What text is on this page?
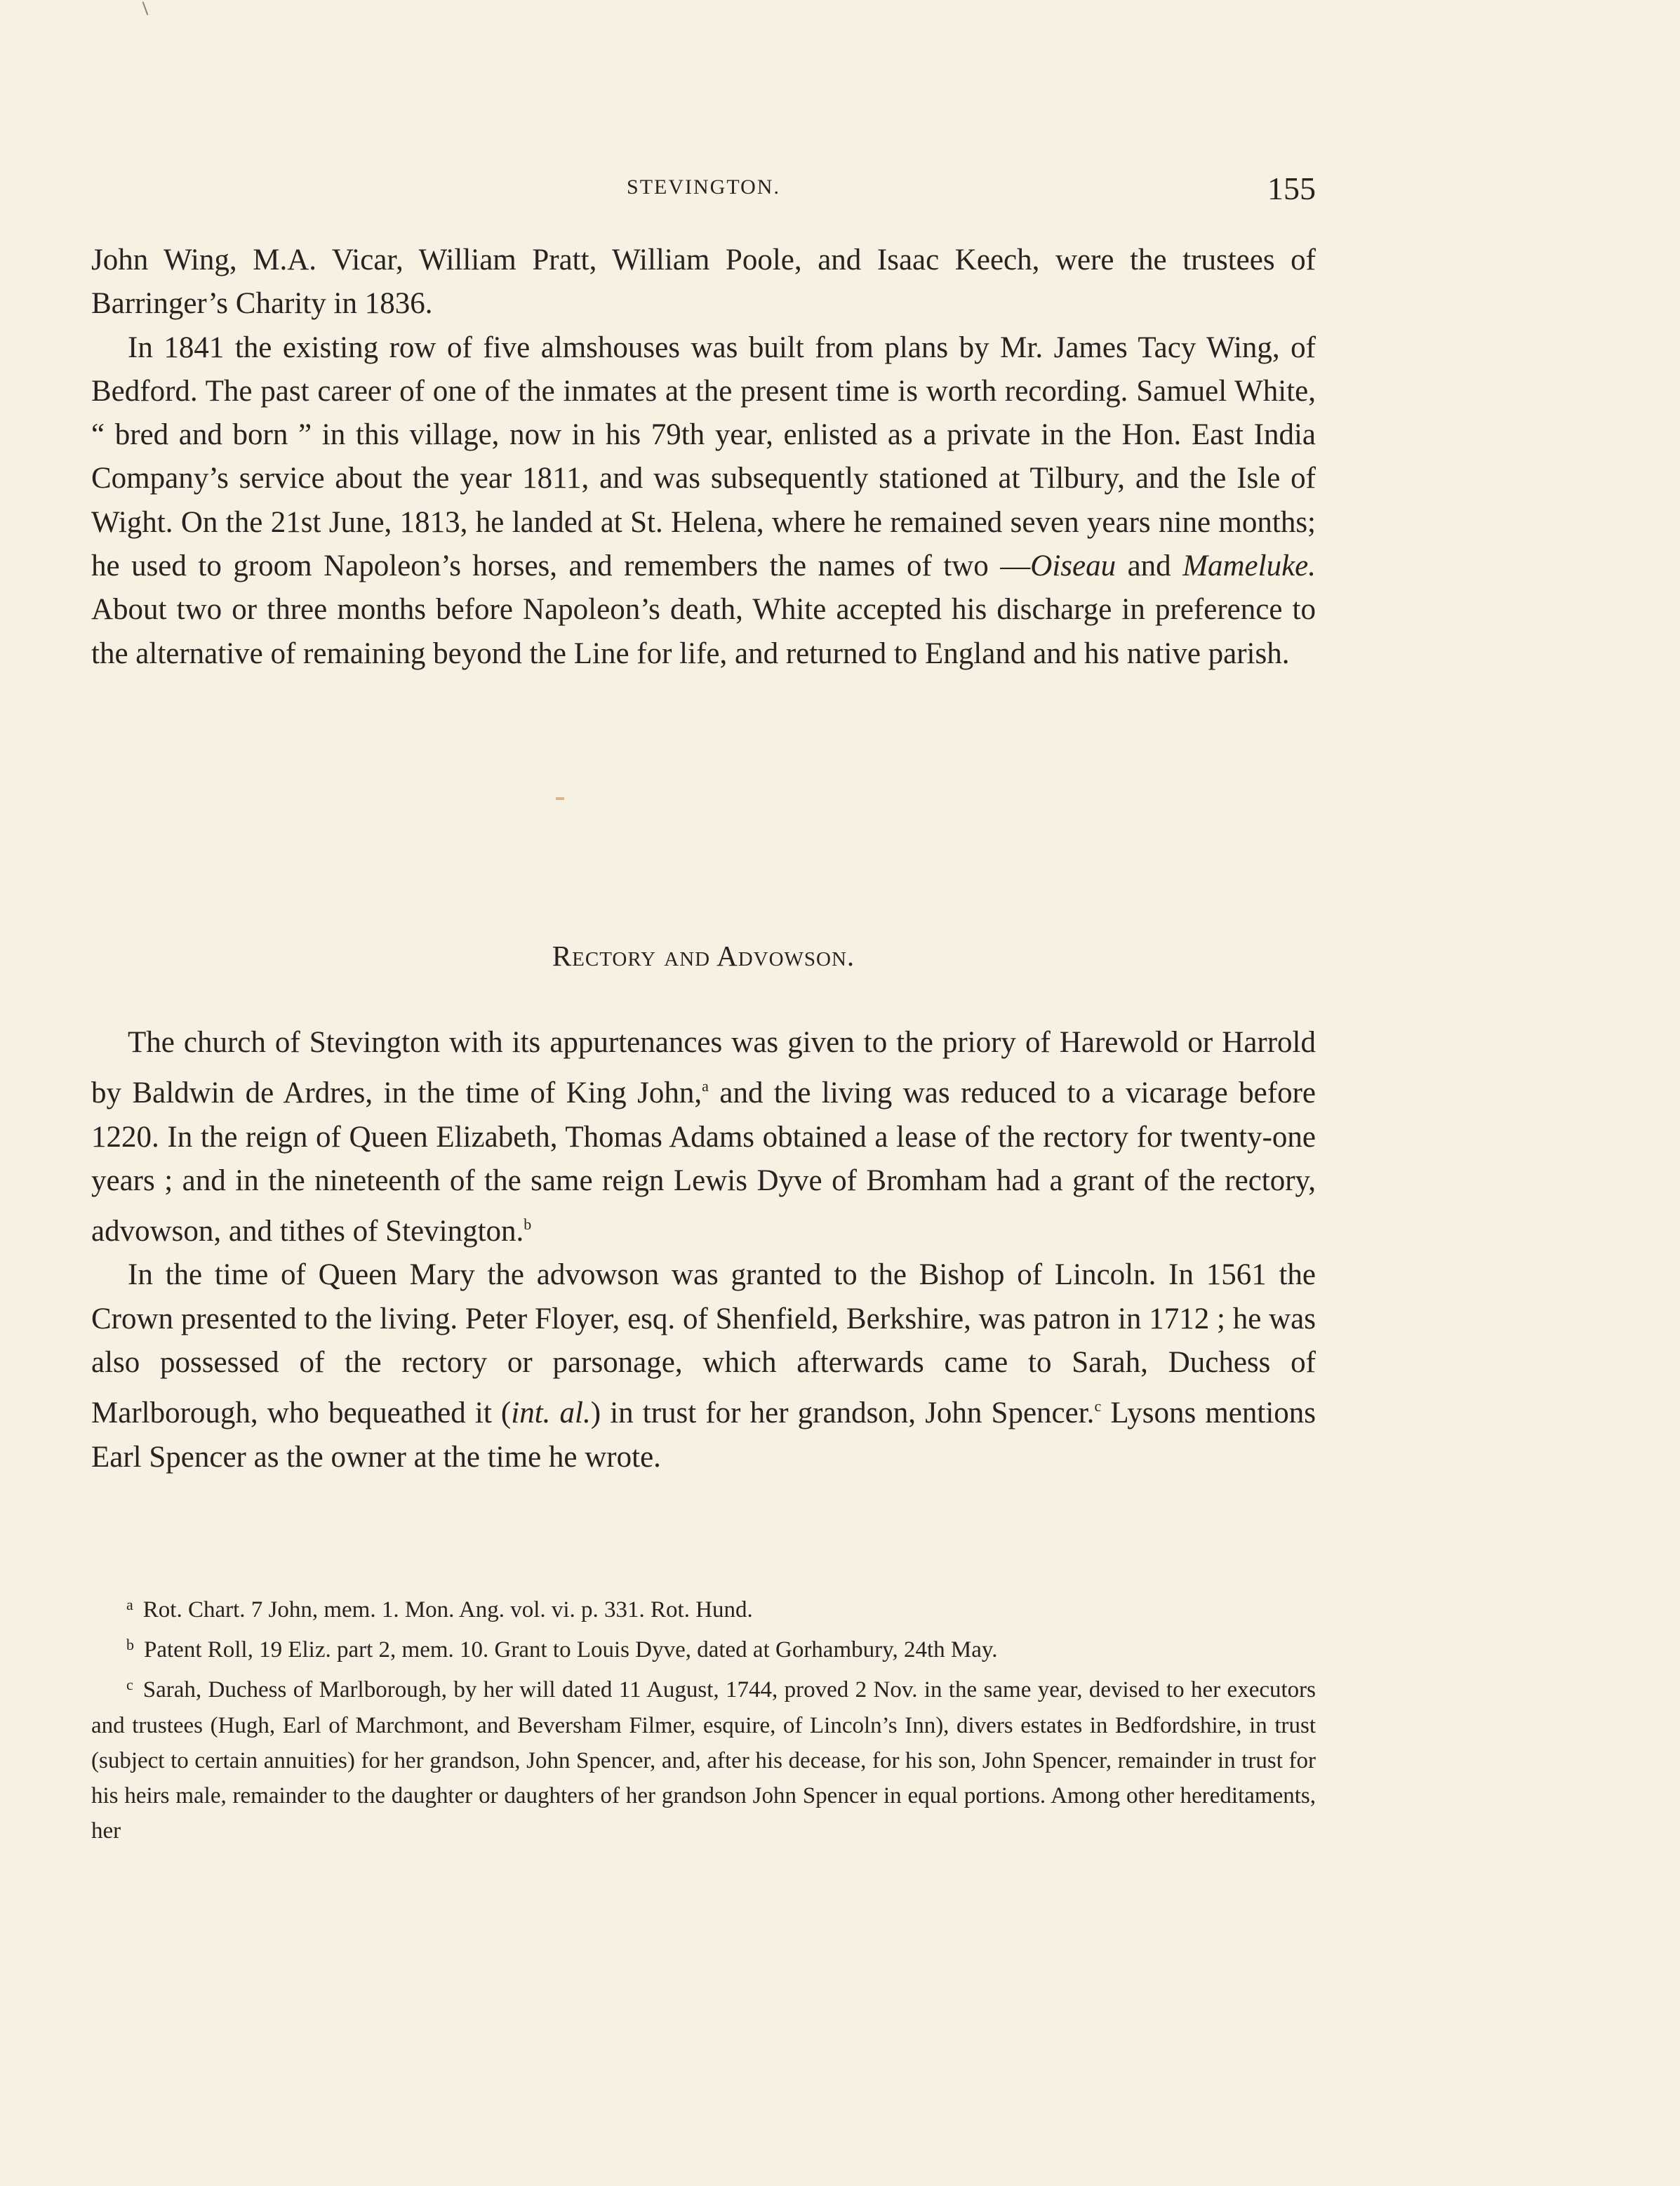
STEVINGTON.	155

John Wing, M.A. Vicar, William Pratt, William Poole, and Isaac Keech, were the trustees of Barringer’s Charity in 1836.

In 1841 the existing row of five almshouses was built from plans by Mr. James Tacy Wing, of Bedford. The past career of one of the inmates at the present time is worth recording. Samuel White, “ bred and born ” in this village, now in his 79th year, enlisted as a private in the Hon. East India Company’s service about the year 1811, and was subsequently stationed at Tilbury, and the Isle of Wight. On the 21st June, 1813, he landed at St. Helena, where he remained seven years nine months; he used to groom Napoleon’s horses, and remembers the names of two —Oiseau and Mameluke. About two or three months before Napoleon’s death, White accepted his discharge in preference to the alternative of remaining beyond the Line for life, and returned to England and his native parish.

Rectory and Advowson.

The church of Stevington with its appurtenances was given to the priory of Harewold or Harrold by Baldwin de Ardres, in the time of King John,$^a$ and the living was reduced to a vicarage before 1220. In the reign of Queen Elizabeth, Thomas Adams obtained a lease of the rectory for twenty-one years ; and in the nineteenth of the same reign Lewis Dyve of Bromham had a grant of the rectory, advowson, and tithes of Stevington.$^b$

In the time of Queen Mary the advowson was granted to the Bishop of Lincoln. In 1561 the Crown presented to the living. Peter Floyer, esq. of Shenfield, Berkshire, was patron in 1712 ; he was also possessed of the rectory or parsonage, which afterwards came to Sarah, Duchess of Marlborough, who bequeathed it (int. al.) in trust for her grandson, John Spencer.$^c$ Lysons mentions Earl Spencer as the owner at the time he wrote.

$^a$ Rot. Chart. 7 John, mem. 1. Mon. Ang. vol. vi. p. 331. Rot. Hund.

$^b$ Patent Roll, 19 Eliz. part 2, mem. 10. Grant to Louis Dyve, dated at Gorhambury, 24th May.

$^c$ Sarah, Duchess of Marlborough, by her will dated 11 August, 1744, proved 2 Nov. in the same year, devised to her executors and trustees (Hugh, Earl of Marchmont, and Beversham Filmer, esquire, of Lincoln’s Inn), divers estates in Bedfordshire, in trust (subject to certain annuities) for her grandson, John Spencer, and, after his decease, for his son, John Spencer, remainder in trust for his heirs male, remainder to the daughter or daughters of her grandson John Spencer in equal portions. Among other hereditaments, her
